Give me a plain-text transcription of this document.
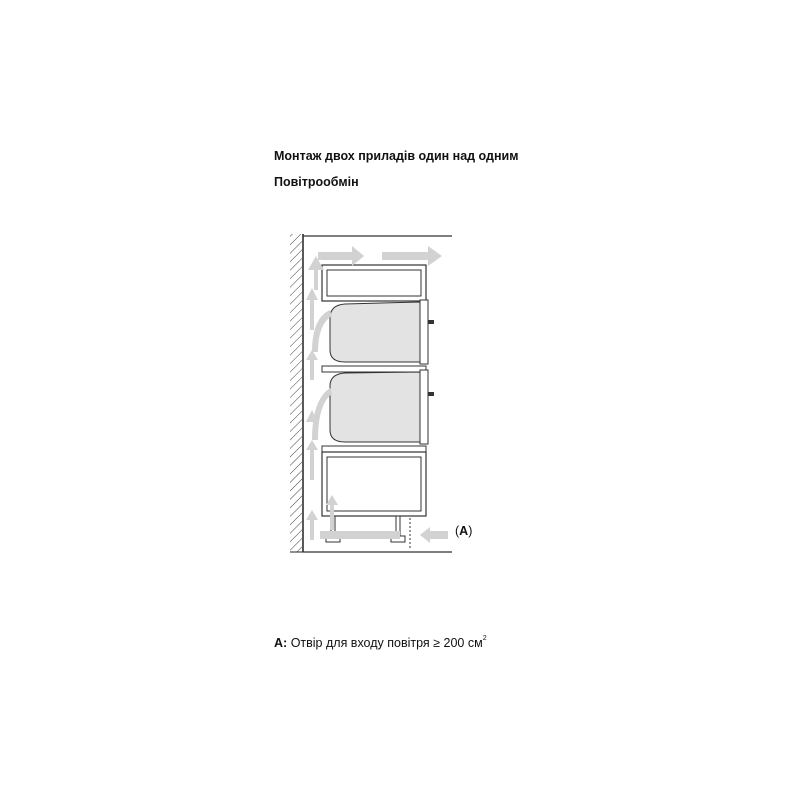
Монтаж двох приладів один над одним
Повітрообмін
(A)
A: Отвір для входу повітря ≥ 200 $см^2$
